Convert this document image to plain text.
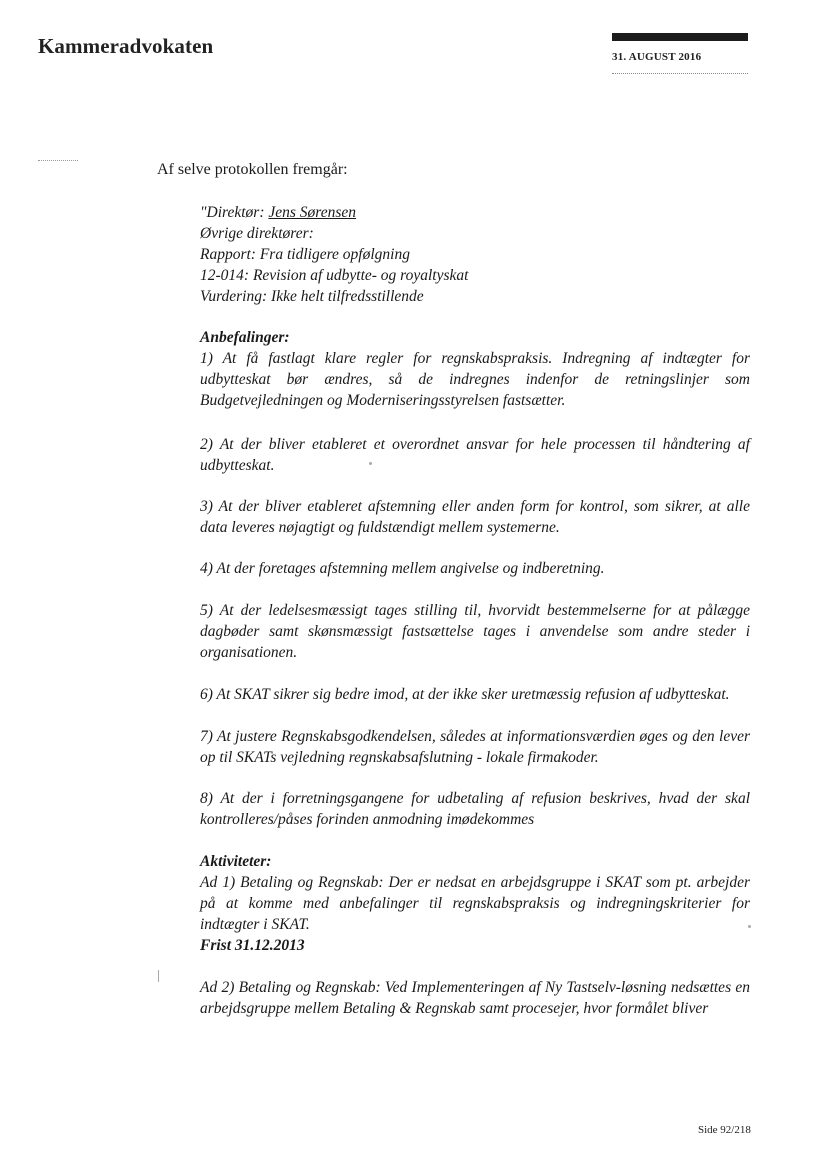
Kammeradvokaten	31. AUGUST 2016
Af selve protokollen fremgår:
"Direktør: Jens Sørensen
Øvrige direktører:
Rapport: Fra tidligere opfølgning
12-014: Revision af udbytte- og royaltyskat
Vurdering: Ikke helt tilfredsstillende
Anbefalinger:
1) At få fastlagt klare regler for regnskabspraksis. Indregning af indtægter for udbytteskat bør ændres, så de indregnes indenfor de retningslinjer som Budgetvejledningen og Moderniseringsstyrelsen fastsætter.
2) At der bliver etableret et overordnet ansvar for hele processen til håndtering af udbytteskat.
3) At der bliver etableret afstemning eller anden form for kontrol, som sikrer, at alle data leveres nøjagtigt og fuldstændigt mellem systemerne.
4) At der foretages afstemning mellem angivelse og indberetning.
5) At der ledelsesmæssigt tages stilling til, hvorvidt bestemmelserne for at pålægge dagbøder samt skønsmæssigt fastsættelse tages i anvendelse som andre steder i organisationen.
6) At SKAT sikrer sig bedre imod, at der ikke sker uretmæssig refusion af udbytteskat.
7) At justere Regnskabsgodkendelsen, således at informationsværdien øges og den lever op til SKATs vejledning regnskabsafslutning - lokale firmakoder.
8) At der i forretningsgangene for udbetaling af refusion beskrives, hvad der skal kontrolleres/påses forinden anmodning imødekommes
Aktiviteter:
Ad 1) Betaling og Regnskab: Der er nedsat en arbejdsgruppe i SKAT som pt. arbejder på at komme med anbefalinger til regnskabspraksis og indregningskriterier for indtægter i SKAT.
Frist 31.12.2013
Ad 2) Betaling og Regnskab: Ved Implementeringen af Ny Tastselv-løsning nedsættes en arbejdsgruppe mellem Betaling & Regnskab samt procesejer, hvor formålet bliver
Side 92/218
